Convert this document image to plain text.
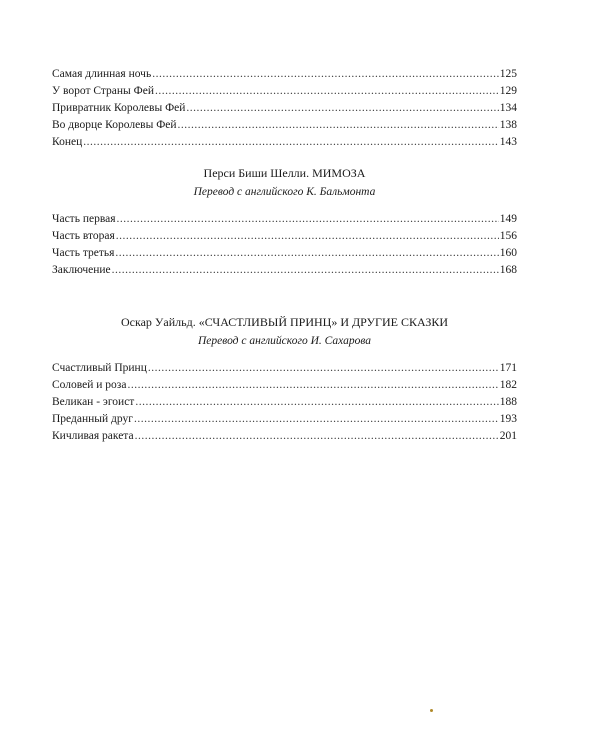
Самая длинная ночь .....	125
У ворот Страны Фей .....	129
Привратник Королевы Фей .....	134
Во дворце Королевы Фей .....	138
Конец .....	143
Перси Биши Шелли. МИМОЗА
Перевод с английского К. Бальмонта
Часть первая .....	149
Часть вторая .....	156
Часть третья .....	160
Заключение .....	168
Оскар Уайльд. «СЧАСТЛИВЫЙ ПРИНЦ» И ДРУГИЕ СКАЗКИ
Перевод с английского И. Сахарова
Счастливый Принц .....	171
Соловей и роза .....	182
Великан - эгоист .....	188
Преданный друг .....	193
Кичливая ракета .....	201
